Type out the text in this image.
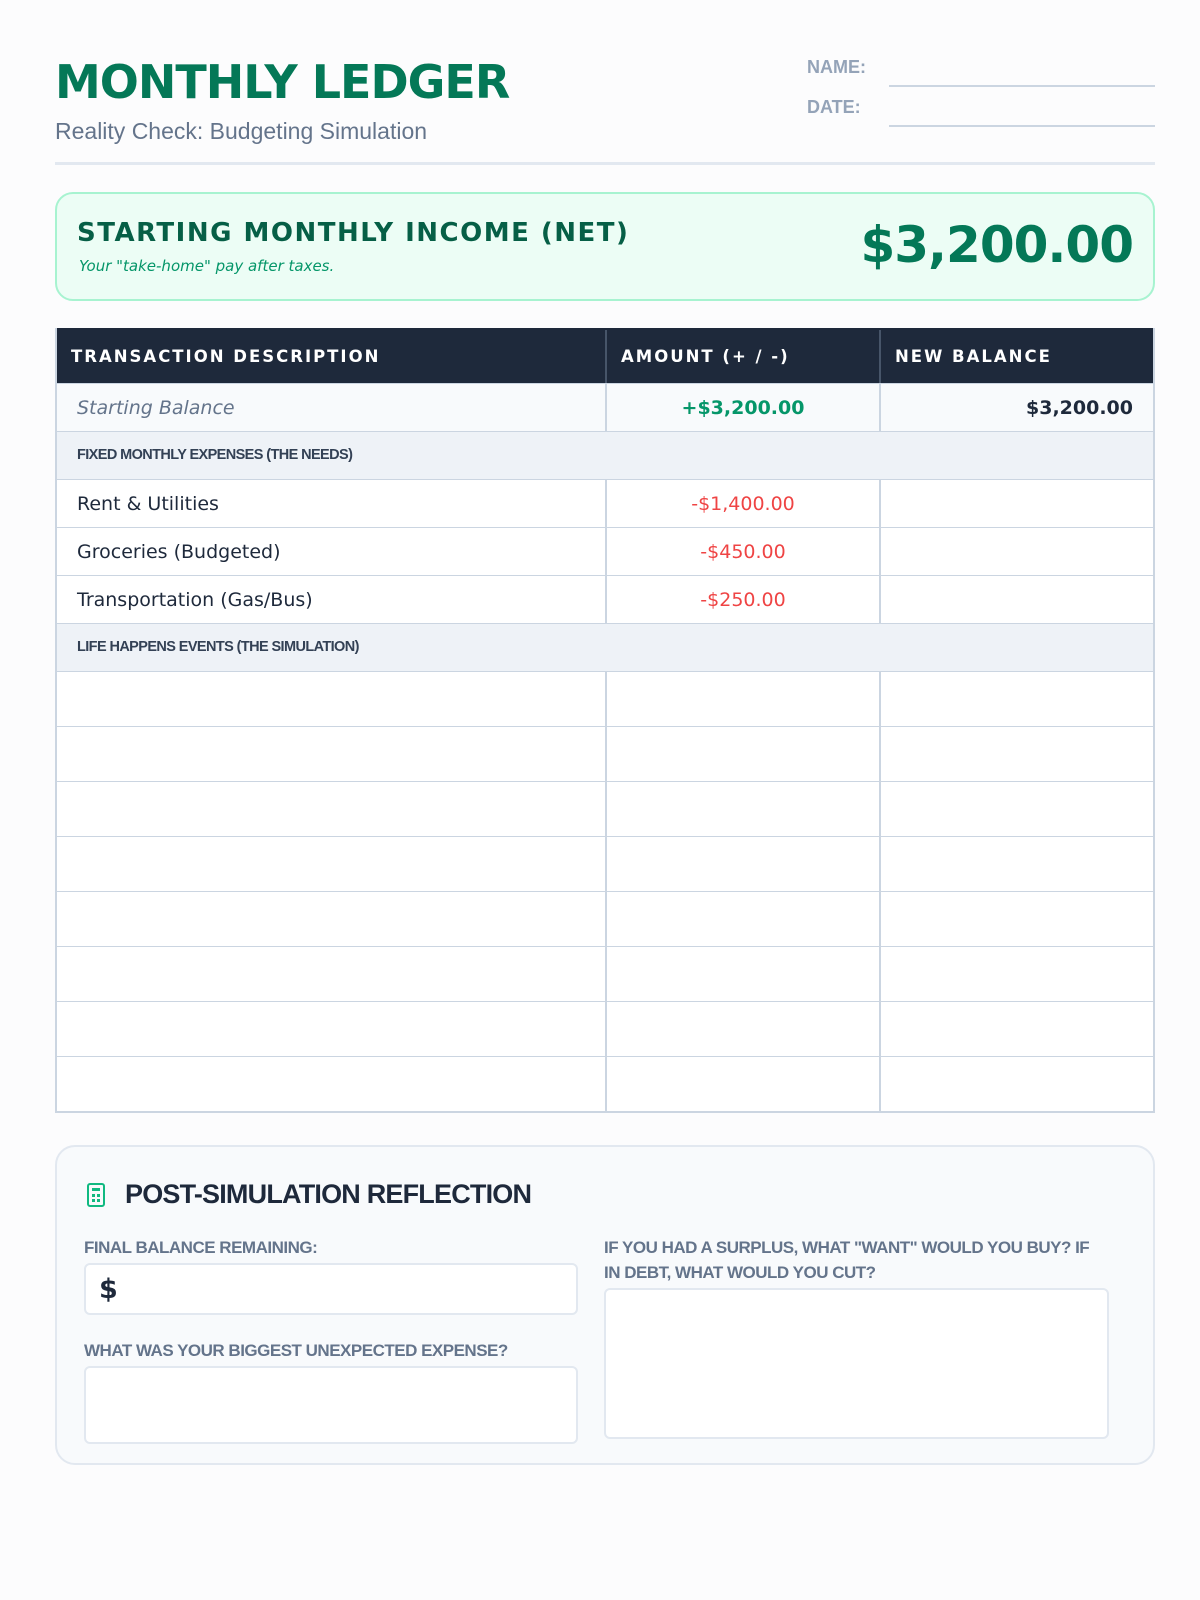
MONTHLY LEDGER
Reality Check: Budgeting Simulation
NAME:
DATE:
STARTING MONTHLY INCOME (NET)
Your "take-home" pay after taxes.	$3,200.00
TRANSACTION DESCRIPTION	AMOUNT (+ / -)	NEW BALANCE
Starting Balance	+$3,200.00	$3,200.00
FIXED MONTHLY EXPENSES (THE NEEDS)
Rent & Utilities	-$1,400.00
Groceries (Budgeted)	-$450.00
Transportation (Gas/Bus)	-$250.00
LIFE HAPPENS EVENTS (THE SIMULATION)
POST-SIMULATION REFLECTION
FINAL BALANCE REMAINING:
$
WHAT WAS YOUR BIGGEST UNEXPECTED EXPENSE?
IF YOU HAD A SURPLUS, WHAT "WANT" WOULD YOU BUY? IF IN DEBT, WHAT WOULD YOU CUT?
